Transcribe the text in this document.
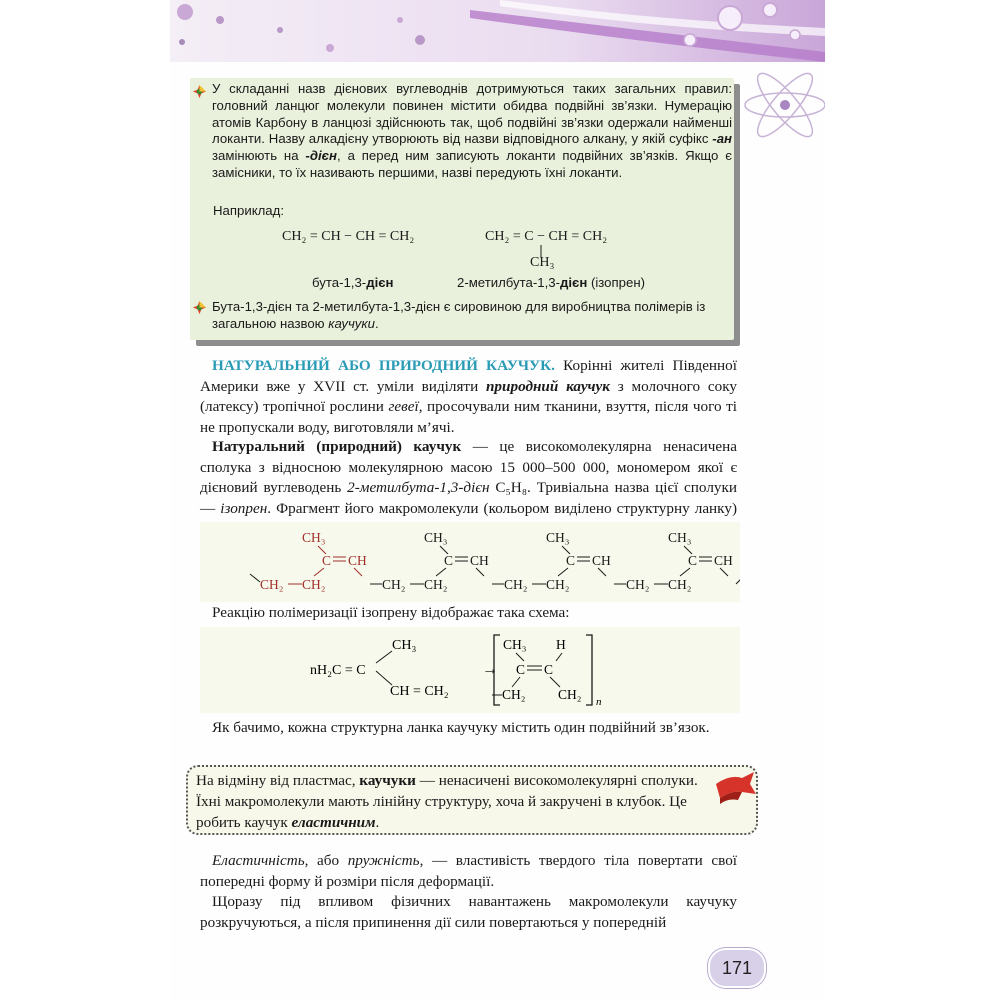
У складанні назв дієнових вуглеводнів дотримуються таких загальних правил: головний ланцюг молекули повинен містити обидва подвійні зв’язки. Нумерацію атомів Карбону в ланцюзі здійснюють так, щоб подвійні зв’язки одержали найменші локанти. Назву алкадієну утворюють від назви відповідного алкану, у якій суфікс -ан замінюють на -дієн, а перед ним записують локанти подвійних зв’язків. Якщо є замісники, то їх називають першими, назві передують їхні локанти.

Наприклад:
CH₂ = CH − CH = CH₂	CH₂ = C − CH = CH₂
CH₃
бута-1,3-дієн	2-метилбута-1,3-дієн (ізопрен)
Бута-1,3-дієн та 2-метилбута-1,3-дієн є сировиною для виробництва полімерів із загальною назвою каучуки.

НАТУРАЛЬНИЙ АБО ПРИРОДНИЙ КАУЧУК. Корінні жителі Південної Америки вже у XVII ст. уміли виділяти природний каучук з молочного соку (латексу) тропічної рослини гевеї, просочували ним тканини, взуття, після чого ті не пропускали воду, виготовляли м’ячі.

Натуральний (природний) каучук — це високомолекулярна ненасичена сполука з відносною молекулярною масою 15 000–500 000, мономером якої є дієновий вуглеводень 2-метилбута-1,3-дієн C₅H₈. Тривіальна назва цієї сполуки — ізопрен. Фрагмент його макромолекули (кольором виділено структурну ланку)

CH₃
C CH
CH₂ CH₂
CH₃
C CH
CH₂ CH₂
CH₃
C CH
CH₂ CH₂
CH₃
C CH
CH₂ CH₂

Реакцію полімеризації ізопрену відображає така схема:

nH₂C = C
CH₃
CH = CH₂
→
CH₃ H
C C
CH₂ CH₂ n

Як бачимо, кожна структурна ланка каучуку містить один подвійний зв’язок.

На відміну від пластмас, каучуки — ненасичені високомолекулярні сполуки. Їхні макромолекули мають лінійну структуру, хоча й закручені в клубок. Це робить каучук еластичним.

Еластичність, або пружність, — властивість твердого тіла повертати свої попередні форму й розміри після деформації.

Щоразу під впливом фізичних навантажень макромолекули каучуку розкручуються, а після припинення дії сили повертаються у попередній

171
